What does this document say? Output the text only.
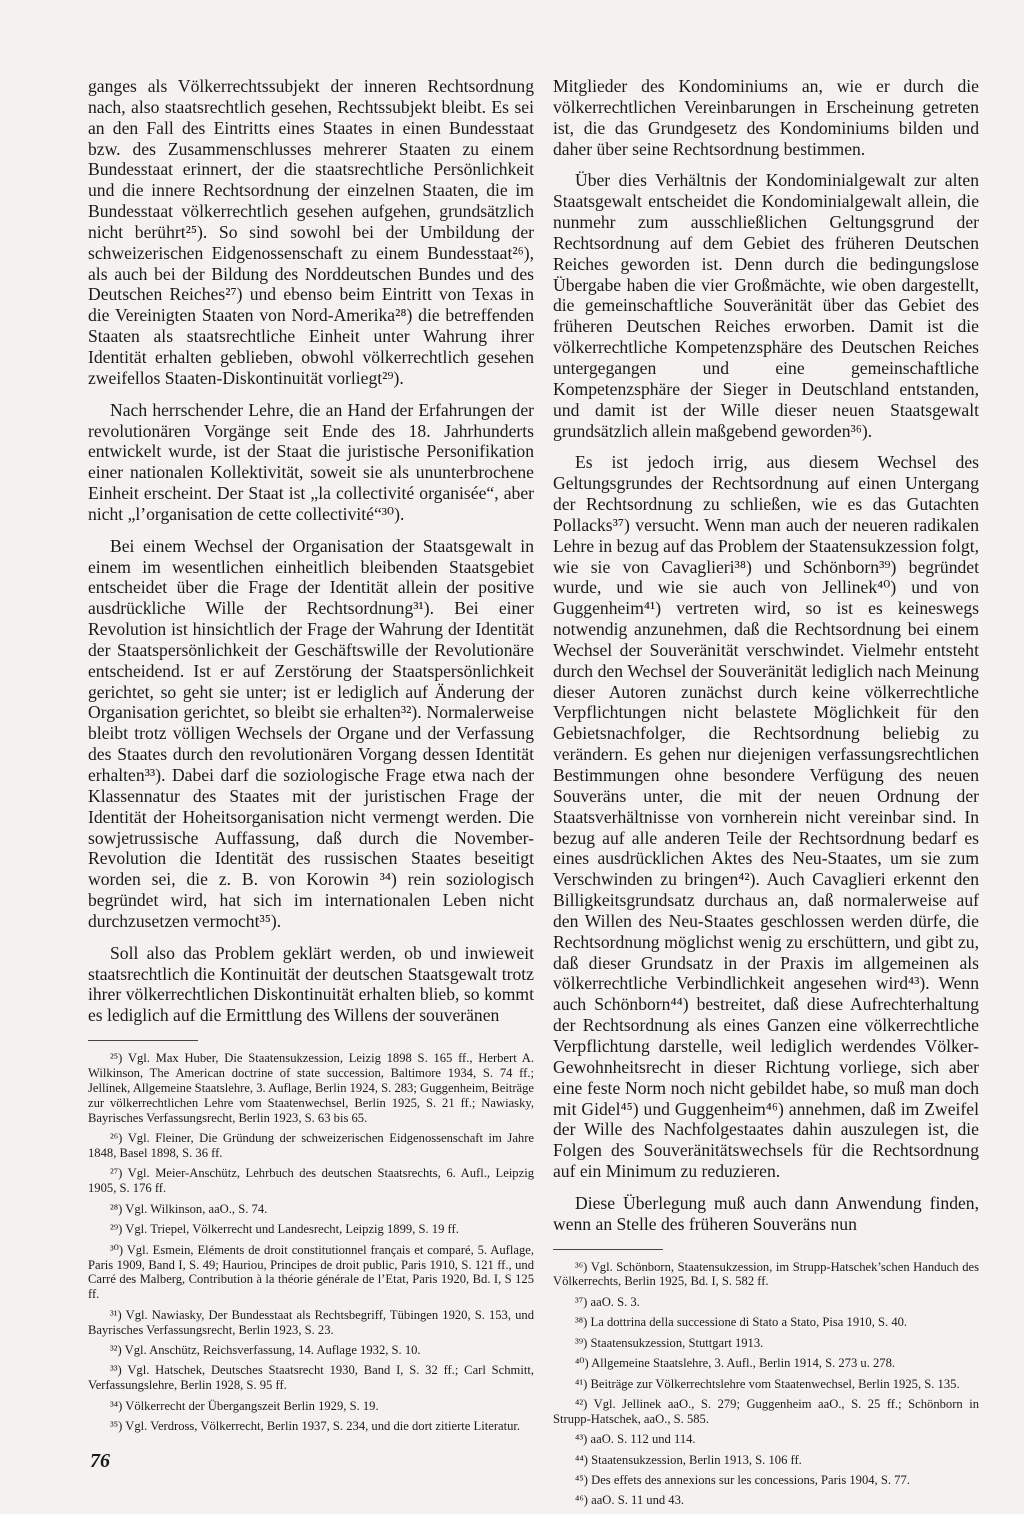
ganges als Völkerrechtssubjekt der inneren Rechtsordnung nach, also staatsrechtlich gesehen, Rechtssubjekt bleibt. Es sei an den Fall des Eintritts eines Staates in einen Bundesstaat bzw. des Zusammenschlusses mehrerer Staaten zu einem Bundesstaat erinnert, der die staatsrechtliche Persönlichkeit und die innere Rechtsordnung der einzelnen Staaten, die im Bundesstaat völkerrechtlich gesehen aufgehen, grundsätzlich nicht berührt²⁵). So sind sowohl bei der Umbildung der schweizerischen Eidgenossenschaft zu einem Bundesstaat²⁶), als auch bei der Bildung des Norddeutschen Bundes und des Deutschen Reiches²⁷) und ebenso beim Eintritt von Texas in die Vereinigten Staaten von Nord-Amerika²⁸) die betreffenden Staaten als staatsrechtliche Einheit unter Wahrung ihrer Identität erhalten geblieben, obwohl völkerrechtlich gesehen zweifellos Staaten-Diskontinuität vorliegt²⁹).

Nach herrschender Lehre, die an Hand der Erfahrungen der revolutionären Vorgänge seit Ende des 18. Jahrhunderts entwickelt wurde, ist der Staat die juristische Personifikation einer nationalen Kollektivität, soweit sie als ununterbrochene Einheit erscheint. Der Staat ist „la collectivité organisée“, aber nicht „l’organisation de cette collectivité“³⁰).

Bei einem Wechsel der Organisation der Staatsgewalt in einem im wesentlichen einheitlich bleibenden Staatsgebiet entscheidet über die Frage der Identität allein der positive ausdrückliche Wille der Rechtsordnung³¹). Bei einer Revolution ist hinsichtlich der Frage der Wahrung der Identität der Staatspersönlichkeit der Geschäftswille der Revolutionäre entscheidend. Ist er auf Zerstörung der Staatspersönlichkeit gerichtet, so geht sie unter; ist er lediglich auf Änderung der Organisation gerichtet, so bleibt sie erhalten³²). Normalerweise bleibt trotz völligen Wechsels der Organe und der Verfassung des Staates durch den revolutionären Vorgang dessen Identität erhalten³³). Dabei darf die soziologische Frage etwa nach der Klassennatur des Staates mit der juristischen Frage der Identität der Hoheitsorganisation nicht vermengt werden. Die sowjetrussische Auffassung, daß durch die November-Revolution die Identität des russischen Staates beseitigt worden sei, die z. B. von Korowin ³⁴) rein soziologisch begründet wird, hat sich im internationalen Leben nicht durchzusetzen vermocht³⁵).

Soll also das Problem geklärt werden, ob und inwieweit staatsrechtlich die Kontinuität der deutschen Staatsgewalt trotz ihrer völkerrechtlichen Diskontinuität erhalten blieb, so kommt es lediglich auf die Ermittlung des Willens der souveränen

²⁵) Vgl. Max Huber, Die Staatensukzession, Leizig 1898 S. 165 ff., Herbert A. Wilkinson, The American doctrine of state succession, Baltimore 1934, S. 74 ff.; Jellinek, Allgemeine Staatslehre, 3. Auflage, Berlin 1924, S. 283; Guggenheim, Beiträge zur völkerrechtlichen Lehre vom Staatenwechsel, Berlin 1925, S. 21 ff.; Nawiasky, Bayrisches Verfassungsrecht, Berlin 1923, S. 63 bis 65.

²⁶) Vgl. Fleiner, Die Gründung der schweizerischen Eidgenossenschaft im Jahre 1848, Basel 1898, S. 36 ff.

²⁷) Vgl. Meier-Anschütz, Lehrbuch des deutschen Staatsrechts, 6. Aufl., Leipzig 1905, S. 176 ff.

²⁸) Vgl. Wilkinson, aaO., S. 74.

²⁹) Vgl. Triepel, Völkerrecht und Landesrecht, Leipzig 1899, S. 19 ff.

³⁰) Vgl. Esmein, Eléments de droit constitutionnel français et comparé, 5. Auflage, Paris 1909, Band I, S. 49; Hauriou, Principes de droit public, Paris 1910, S. 121 ff., und Carré des Malberg, Contribution à la théorie générale de l’Etat, Paris 1920, Bd. I, S 125 ff.

³¹) Vgl. Nawiasky, Der Bundesstaat als Rechtsbegriff, Tübingen 1920, S. 153, und Bayrisches Verfassungsrecht, Berlin 1923, S. 23.

³²) Vgl. Anschütz, Reichsverfassung, 14. Auflage 1932, S. 10.

³³) Vgl. Hatschek, Deutsches Staatsrecht 1930, Band I, S. 32 ff.; Carl Schmitt, Verfassungslehre, Berlin 1928, S. 95 ff.

³⁴) Völkerrecht der Übergangszeit Berlin 1929, S. 19.

³⁵) Vgl. Verdross, Völkerrecht, Berlin 1937, S. 234, und die dort zitierte Literatur.

Mitglieder des Kondominiums an, wie er durch die völkerrechtlichen Vereinbarungen in Erscheinung getreten ist, die das Grundgesetz des Kondominiums bilden und daher über seine Rechtsordnung bestimmen.

Über dies Verhältnis der Kondominialgewalt zur alten Staatsgewalt entscheidet die Kondominialgewalt allein, die nunmehr zum ausschließlichen Geltungsgrund der Rechtsordnung auf dem Gebiet des früheren Deutschen Reiches geworden ist. Denn durch die bedingungslose Übergabe haben die vier Großmächte, wie oben dargestellt, die gemeinschaftliche Souveränität über das Gebiet des früheren Deutschen Reiches erworben. Damit ist die völkerrechtliche Kompetenzsphäre des Deutschen Reiches untergegangen und eine gemeinschaftliche Kompetenzsphäre der Sieger in Deutschland entstanden, und damit ist der Wille dieser neuen Staatsgewalt grundsätzlich allein maßgebend geworden³⁶).

Es ist jedoch irrig, aus diesem Wechsel des Geltungsgrundes der Rechtsordnung auf einen Untergang der Rechtsordnung zu schließen, wie es das Gutachten Pollacks³⁷) versucht. Wenn man auch der neueren radikalen Lehre in bezug auf das Problem der Staatensukzession folgt, wie sie von Cavaglieri³⁸) und Schönborn³⁹) begründet wurde, und wie sie auch von Jellinek⁴⁰) und von Guggenheim⁴¹) vertreten wird, so ist es keineswegs notwendig anzunehmen, daß die Rechtsordnung bei einem Wechsel der Souveränität verschwindet. Vielmehr entsteht durch den Wechsel der Souveränität lediglich nach Meinung dieser Autoren zunächst durch keine völkerrechtliche Verpflichtungen nicht belastete Möglichkeit für den Gebietsnachfolger, die Rechtsordnung beliebig zu verändern. Es gehen nur diejenigen verfassungsrechtlichen Bestimmungen ohne besondere Verfügung des neuen Souveräns unter, die mit der neuen Ordnung der Staatsverhältnisse von vornherein nicht vereinbar sind. In bezug auf alle anderen Teile der Rechtsordnung bedarf es eines ausdrücklichen Aktes des Neu-Staates, um sie zum Verschwinden zu bringen⁴²). Auch Cavaglieri erkennt den Billigkeitsgrundsatz durchaus an, daß normalerweise auf den Willen des Neu-Staates geschlossen werden dürfe, die Rechtsordnung möglichst wenig zu erschüttern, und gibt zu, daß dieser Grundsatz in der Praxis im allgemeinen als völkerrechtliche Verbindlichkeit angesehen wird⁴³). Wenn auch Schönborn⁴⁴) bestreitet, daß diese Aufrechterhaltung der Rechtsordnung als eines Ganzen eine völkerrechtliche Verpflichtung darstelle, weil lediglich werdendes Völker-Gewohnheitsrecht in dieser Richtung vorliege, sich aber eine feste Norm noch nicht gebildet habe, so muß man doch mit Gidel⁴⁵) und Guggenheim⁴⁶) annehmen, daß im Zweifel der Wille des Nachfolgestaates dahin auszulegen ist, die Folgen des Souveränitätswechsels für die Rechtsordnung auf ein Minimum zu reduzieren.

Diese Überlegung muß auch dann Anwendung finden, wenn an Stelle des früheren Souveräns nun

³⁶) Vgl. Schönborn, Staatensukzession, im Strupp-Hatschek’schen Handuch des Völkerrechts, Berlin 1925, Bd. I, S. 582 ff.

³⁷) aaO. S. 3.

³⁸) La dottrina della successione di Stato a Stato, Pisa 1910, S. 40.

³⁹) Staatensukzession, Stuttgart 1913.

⁴⁰) Allgemeine Staatslehre, 3. Aufl., Berlin 1914, S. 273 u. 278.

⁴¹) Beiträge zur Völkerrechtslehre vom Staatenwechsel, Berlin 1925, S. 135.

⁴²) Vgl. Jellinek aaO., S. 279; Guggenheim aaO., S. 25 ff.; Schönborn in Strupp-Hatschek, aaO., S. 585.

⁴³) aaO. S. 112 und 114.

⁴⁴) Staatensukzession, Berlin 1913, S. 106 ff.

⁴⁵) Des effets des annexions sur les concessions, Paris 1904, S. 77.

⁴⁶) aaO. S. 11 und 43.

76
